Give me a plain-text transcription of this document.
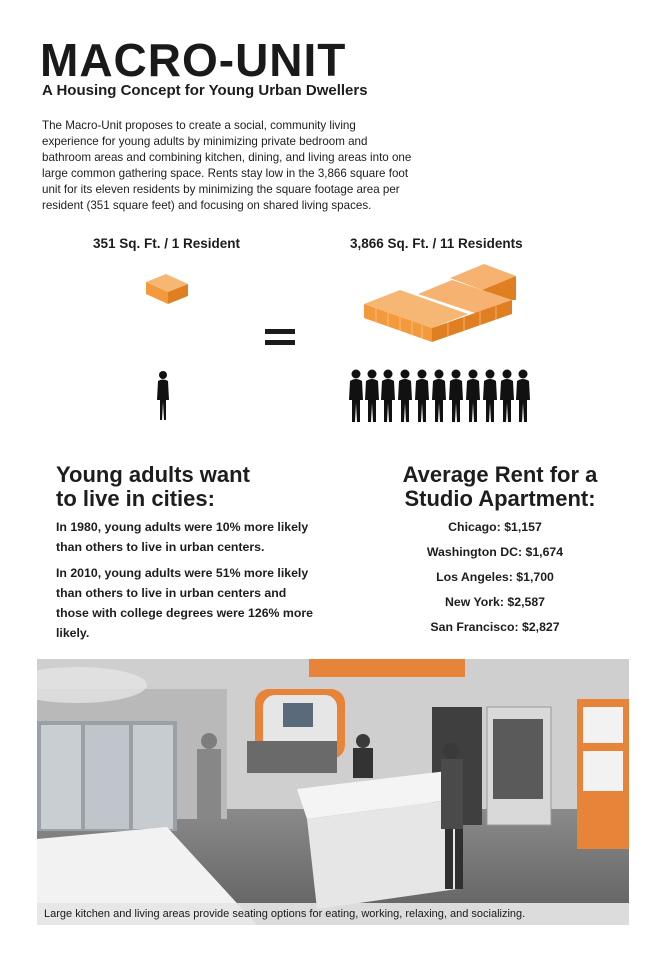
MACRO-UNIT
A Housing Concept for Young Urban Dwellers
The Macro-Unit proposes to create a social, community living experience for young adults by minimizing private bedroom and bathroom areas and combining kitchen, dining, and living areas into one large common gathering space. Rents stay low in the 3,866 square foot unit for its eleven residents by minimizing the square footage area per resident (351 square feet) and focusing on shared living spaces.
351 Sq. Ft. / 1 Resident	3,866 Sq. Ft. / 11 Residents
Young adults want
to live in cities:
In 1980, young adults were 10% more likely than others to live in urban centers.
In 2010, young adults were 51% more likely than others to live in urban centers and those with college degrees were 126% more likely.
Average Rent for a
Studio Apartment:
Chicago: $1,157
Washington DC: $1,674
Los Angeles: $1,700
New York: $2,587
San Francisco: $2,827
Large kitchen and living areas provide seating options for eating, working, relaxing, and socializing.
